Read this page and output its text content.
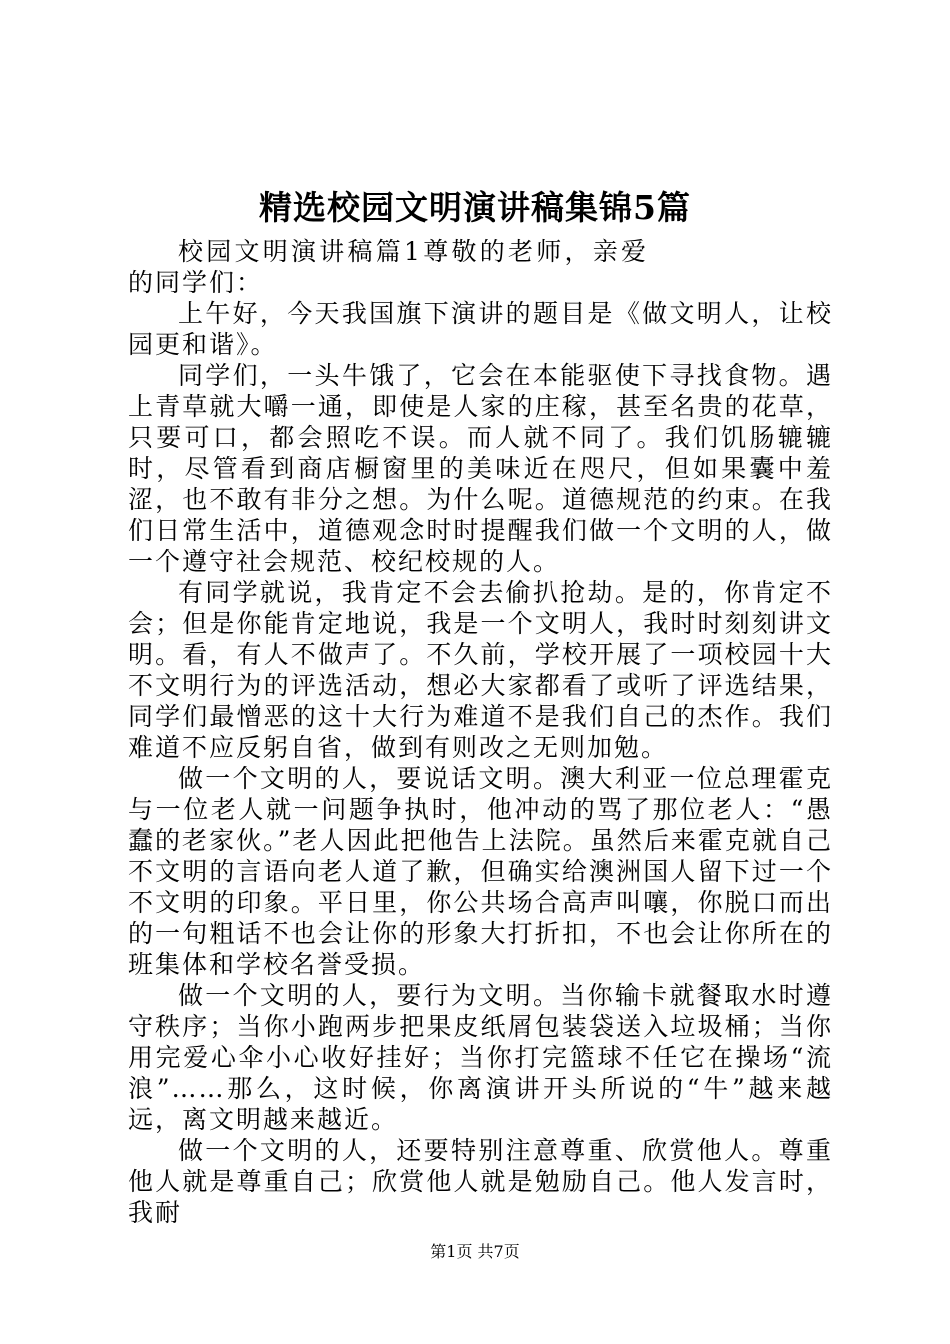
精选校园文明演讲稿集锦5篇

校园文明演讲稿篇1尊敬的老师，亲爱的同学们：

上午好，今天我国旗下演讲的题目是《做文明人，让校园更和谐》。

同学们，一头牛饿了，它会在本能驱使下寻找食物。遇上青草就大嚼一通，即使是人家的庄稼，甚至名贵的花草，只要可口，都会照吃不误。而人就不同了。我们饥肠辘辘时，尽管看到商店橱窗里的美味近在咫尺，但如果囊中羞涩，也不敢有非分之想。为什么呢。道德规范的约束。在我们日常生活中，道德观念时时提醒我们做一个文明的人，做一个遵守社会规范、校纪校规的人。

有同学就说，我肯定不会去偷扒抢劫。是的，你肯定不会；但是你能肯定地说，我是一个文明人，我时时刻刻讲文明。看，有人不做声了。不久前，学校开展了一项校园十大不文明行为的评选活动，想必大家都看了或听了评选结果，同学们最憎恶的这十大行为难道不是我们自己的杰作。我们难道不应反躬自省，做到有则改之无则加勉。

做一个文明的人，要说话文明。澳大利亚一位总理霍克与一位老人就一问题争执时，他冲动的骂了那位老人：“愚蠢的老家伙。”老人因此把他告上法院。虽然后来霍克就自己不文明的言语向老人道了歉，但确实给澳洲国人留下过一个不文明的印象。平日里，你公共场合高声叫嚷，你脱口而出的一句粗话不也会让你的形象大打折扣，不也会让你所在的班集体和学校名誉受损。

做一个文明的人，要行为文明。当你输卡就餐取水时遵守秩序；当你小跑两步把果皮纸屑包装袋送入垃圾桶；当你用完爱心伞小心收好挂好；当你打完篮球不任它在操场“流浪”……那么，这时候，你离演讲开头所说的“牛”越来越远，离文明越来越近。

做一个文明的人，还要特别注意尊重、欣赏他人。尊重他人就是尊重自己；欣赏他人就是勉励自己。他人发言时，我耐

第1页 共7页
